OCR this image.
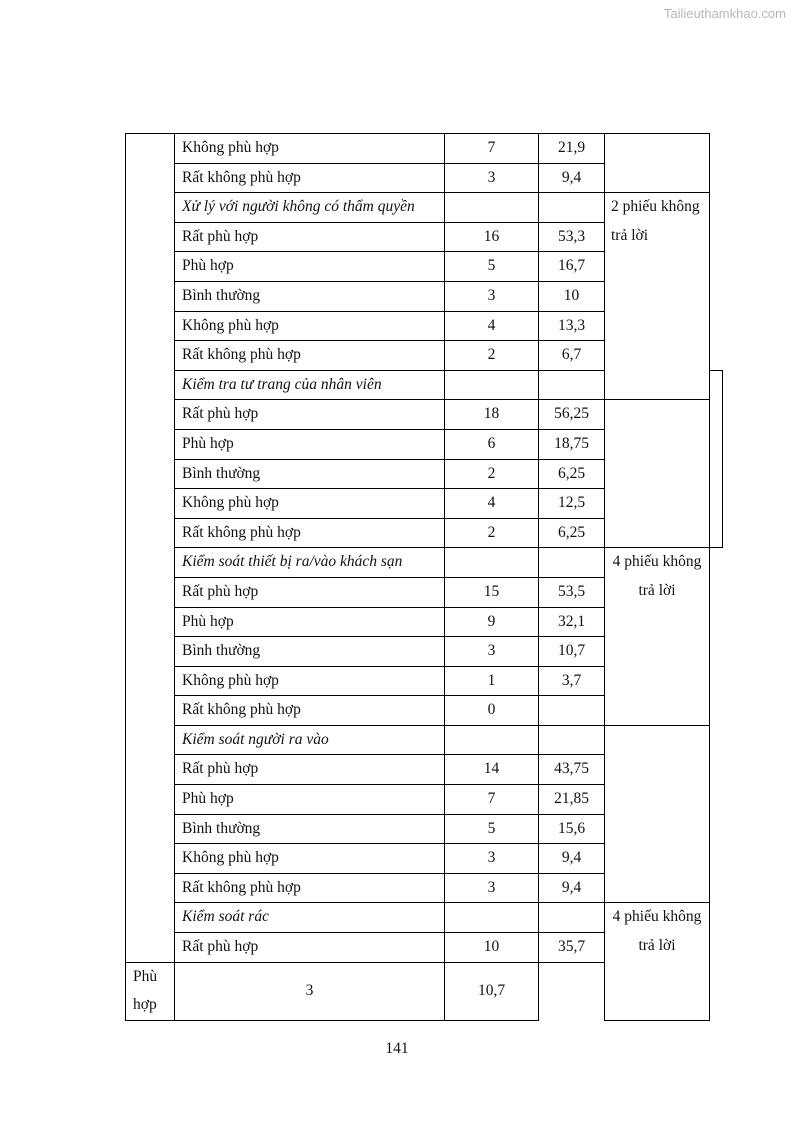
Tailieuthamkhao.com
	Không phù hợp	7	21,9		
	Rất không phù hợp	3	9,4		
	Xử lý với người không có thẩm quyền			2 phiếu không trả lời	

	Rất phù hợp	16	53,3		
	Phù hợp	5	16,7		
	Bình thường	3	10		
	Không phù hợp	4	13,3		
	Rất không phù hợp	2	6,7		
	Kiểm tra tư trang của nhân viên				
	Rất phù hợp	18	56,25		
	Phù hợp	6	18,75		
	Bình thường	2	6,25		
	Không phù hợp	4	12,5		
	Rất không phù hợp	2	6,25		
	Kiểm soát thiết bị ra/vào khách sạn			4 phiếu không trả lời	
	Rất phù hợp	15	53,5		
	Phù hợp	9	32,1		
	Bình thường	3	10,7		
	Không phù hợp	1	3,7		
	Rất không phù hợp	0			
	Kiểm soát người ra vào				
	Rất phù hợp	14	43,75		
	Phù hợp	7	21,85		
	Bình thường	5	15,6		
	Không phù hợp	3	9,4		
	Rất không phù hợp	3	9,4		
	Kiểm soát rác			4 phiếu không trả lời	
	Rất phù hợp	10	35,7		
Phù hợp	3	10,7			
141
